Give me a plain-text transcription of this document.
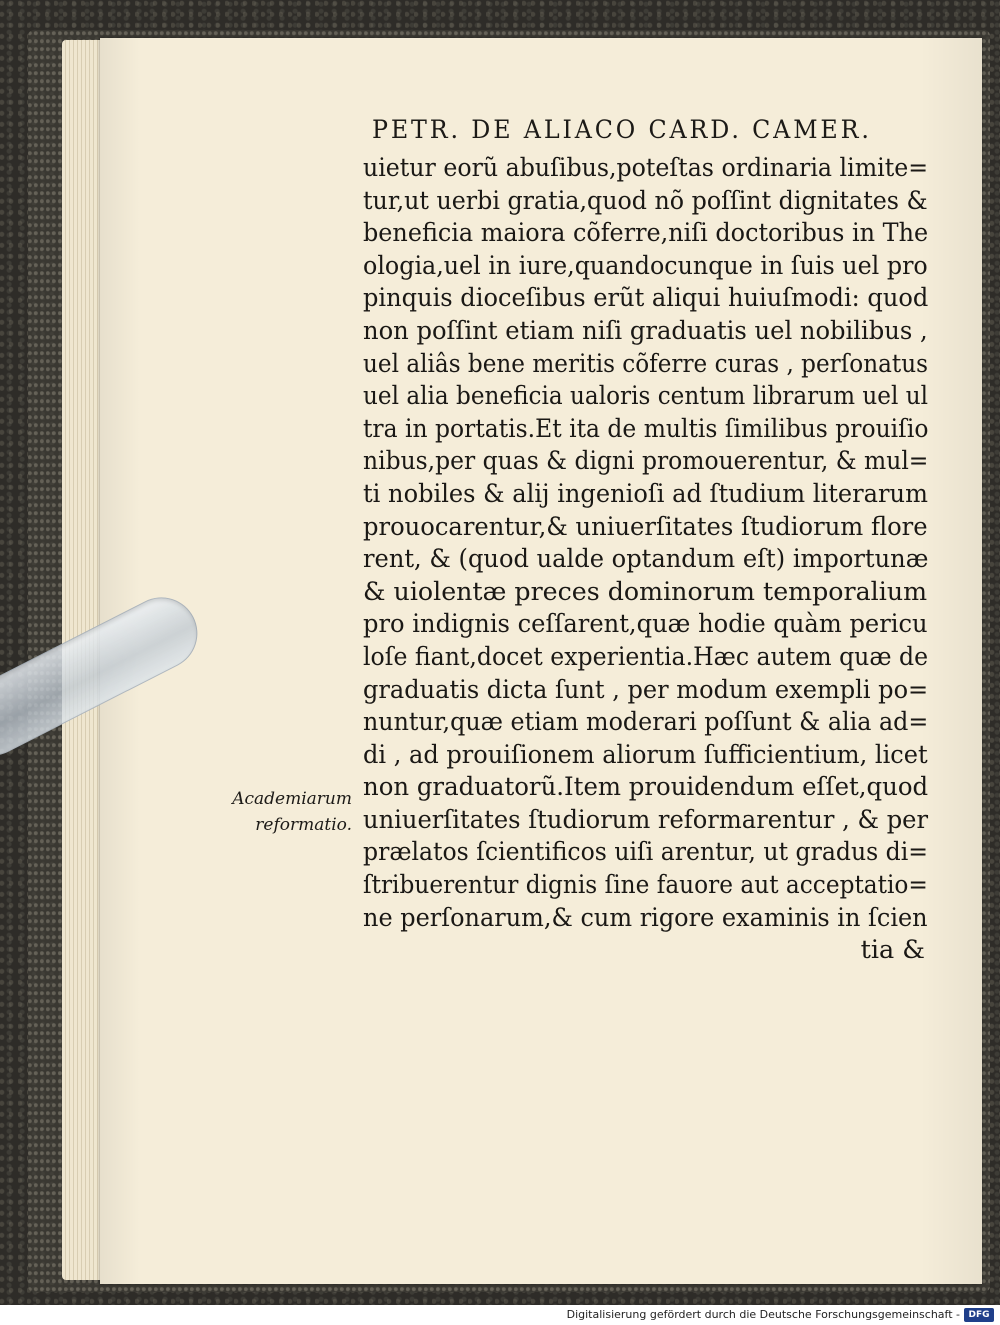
PETR. DE ALIACO CARD. CAMER.
Academiarum
reformatio.
uietur eorũ abuſibus,poteſtas ordinaria limite=
tur,ut uerbi gratia,quod nõ poſſint dignitates &
beneficia maiora cõferre,niſi doctoribus in The
ologia,uel in iure,quandocunque in ſuis uel pro
pinquis dioceſibus erũt aliqui huiuſmodi: quod
non poſſint etiam niſi graduatis uel nobilibus ,
uel aliâs bene meritis cõferre curas , perſonatus
uel alia beneficia ualoris centum librarum uel ul
tra in portatis.Et ita de multis ſimilibus prouiſio
nibus,per quas & digni promouerentur, & mul=
ti nobiles & alij ingenioſi ad ſtudium literarum
prouocarentur,& uniuerſitates ſtudiorum flore
rent, & (quod ualde optandum eſt) importunæ
& uiolentæ preces dominorum temporalium
pro indignis ceſſarent,quæ hodie quàm pericu
loſe fiant,docet experientia.Hæc autem quæ de
graduatis dicta ſunt , per modum exempli po=
nuntur,quæ etiam moderari poſſunt & alia ad=
di , ad prouiſionem aliorum ſufficientium, licet
non graduatorũ.Item prouidendum eſſet,quod
uniuerſitates ſtudiorum reformarentur , & per
prælatos ſcientificos uiſi arentur, ut gradus di=
ſtribuerentur dignis ſine fauore aut acceptatio=
ne perſonarum,& cum rigore examinis in ſcien
tia &
Digitalisierung gefördert durch die Deutsche Forschungsgemeinschaft - DFG
